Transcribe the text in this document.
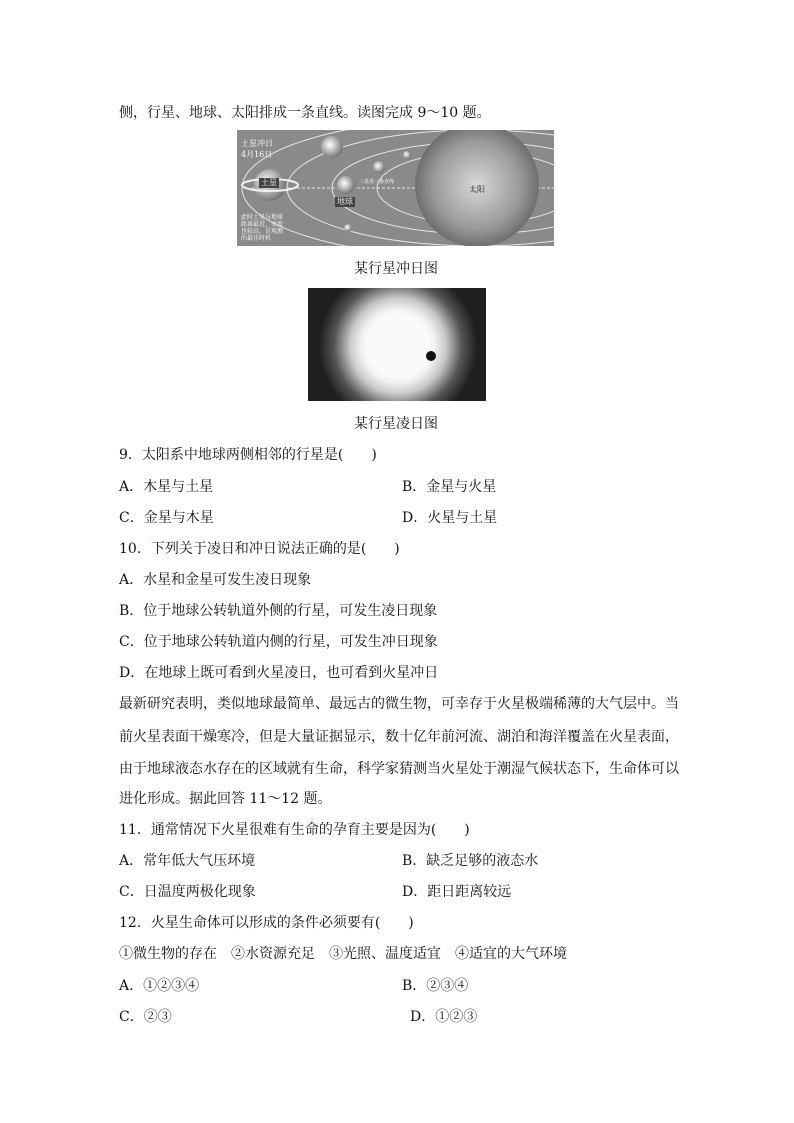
侧，行星、地球、太阳排成一条直线。读图完成 9～10 题。
土星冲日
4月16日
土星
地球
太阳
三星成一条直线
此时土星与地球
距离最近，亮度
也较高，是观测
的最佳时机
某行星冲日图
某行星凌日图
9．太阳系中地球两侧相邻的行星是(　　)
A．木星与土星	B．金星与火星
C．金星与木星	D．火星与土星
10．下列关于凌日和冲日说法正确的是(　　)
A．水星和金星可发生凌日现象
B．位于地球公转轨道外侧的行星，可发生凌日现象
C．位于地球公转轨道内侧的行星，可发生冲日现象
D．在地球上既可看到火星凌日，也可看到火星冲日
最新研究表明，类似地球最简单、最远古的微生物，可幸存于火星极端稀薄的大气层中。当
前火星表面干燥寒冷，但是大量证据显示，数十亿年前河流、湖泊和海洋覆盖在火星表面，
由于地球液态水存在的区域就有生命，科学家猜测当火星处于潮湿气候状态下，生命体可以
进化形成。据此回答 11～12 题。
11．通常情况下火星很难有生命的孕育主要是因为(　　)
A．常年低大气压环境	B．缺乏足够的液态水
C．日温度两极化现象	D．距日距离较远
12．火星生命体可以形成的条件必须要有(　　)
①微生物的存在　②水资源充足　③光照、温度适宜　④适宜的大气环境
A．①②③④	B．②③④
C．②③	D．①②③
